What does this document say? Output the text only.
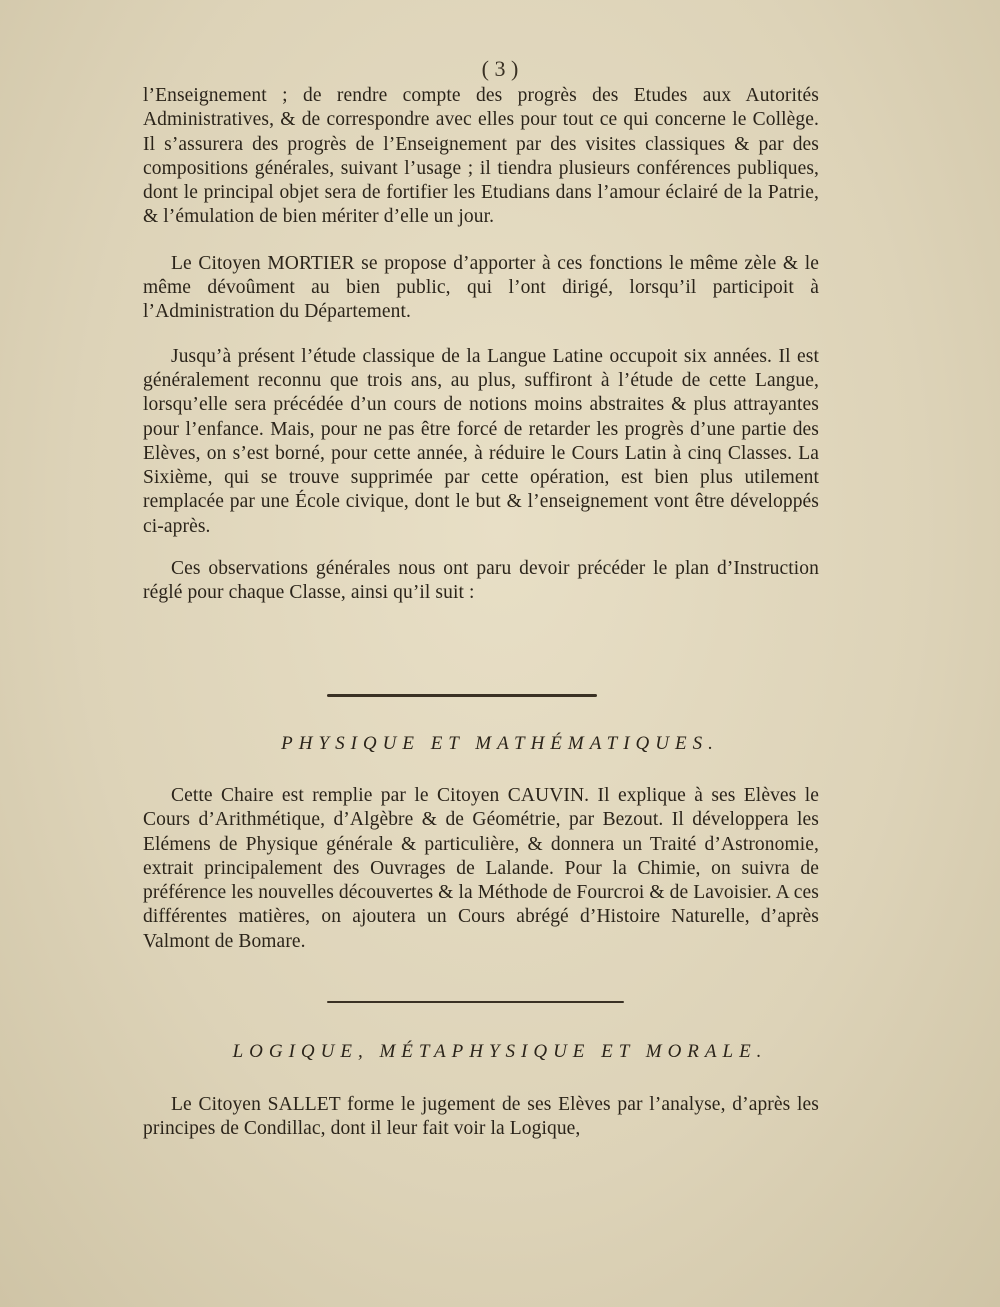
( 3 )

l’Enseignement ; de rendre compte des progrès des Etudes aux Autorités Administratives, & de correspondre avec elles pour tout ce qui concerne le Collège. Il s’assurera des progrès de l’Enseignement par des visites classiques & par des compositions générales, suivant l’usage ; il tiendra plusieurs conférences publiques, dont le principal objet sera de fortifier les Etudians dans l’amour éclairé de la Patrie, & l’émulation de bien mériter d’elle un jour.

Le Citoyen MORTIER se propose d’apporter à ces fonctions le même zèle & le même dévoûment au bien public, qui l’ont dirigé, lorsqu’il participoit à l’Administration du Département.

Jusqu’à présent l’étude classique de la Langue Latine occupoit six années. Il est généralement reconnu que trois ans, au plus, suffiront à l’étude de cette Langue, lorsqu’elle sera précédée d’un cours de notions moins abstraites & plus attrayantes pour l’enfance. Mais, pour ne pas être forcé de retarder les progrès d’une partie des Elèves, on s’est borné, pour cette année, à réduire le Cours Latin à cinq Classes. La Sixième, qui se trouve supprimée par cette opération, est bien plus utilement remplacée par une École civique, dont le but & l’enseignement vont être développés ci-après.

Ces observations générales nous ont paru devoir précéder le plan d’Instruction réglé pour chaque Classe, ainsi qu’il suit :

PHYSIQUE ET MATHÉMATIQUES.

Cette Chaire est remplie par le Citoyen CAUVIN. Il explique à ses Elèves le Cours d’Arithmétique, d’Algèbre & de Géométrie, par Bezout. Il développera les Elémens de Physique générale & particulière, & donnera un Traité d’Astronomie, extrait principalement des Ouvrages de Lalande. Pour la Chimie, on suivra de préférence les nouvelles découvertes & la Méthode de Fourcroi & de Lavoisier. A ces différentes matières, on ajoutera un Cours abrégé d’Histoire Naturelle, d’après Valmont de Bomare.

LOGIQUE, MÉTAPHYSIQUE ET MORALE.

Le Citoyen SALLET forme le jugement de ses Elèves par l’analyse, d’après les principes de Condillac, dont il leur fait voir la Logique,
